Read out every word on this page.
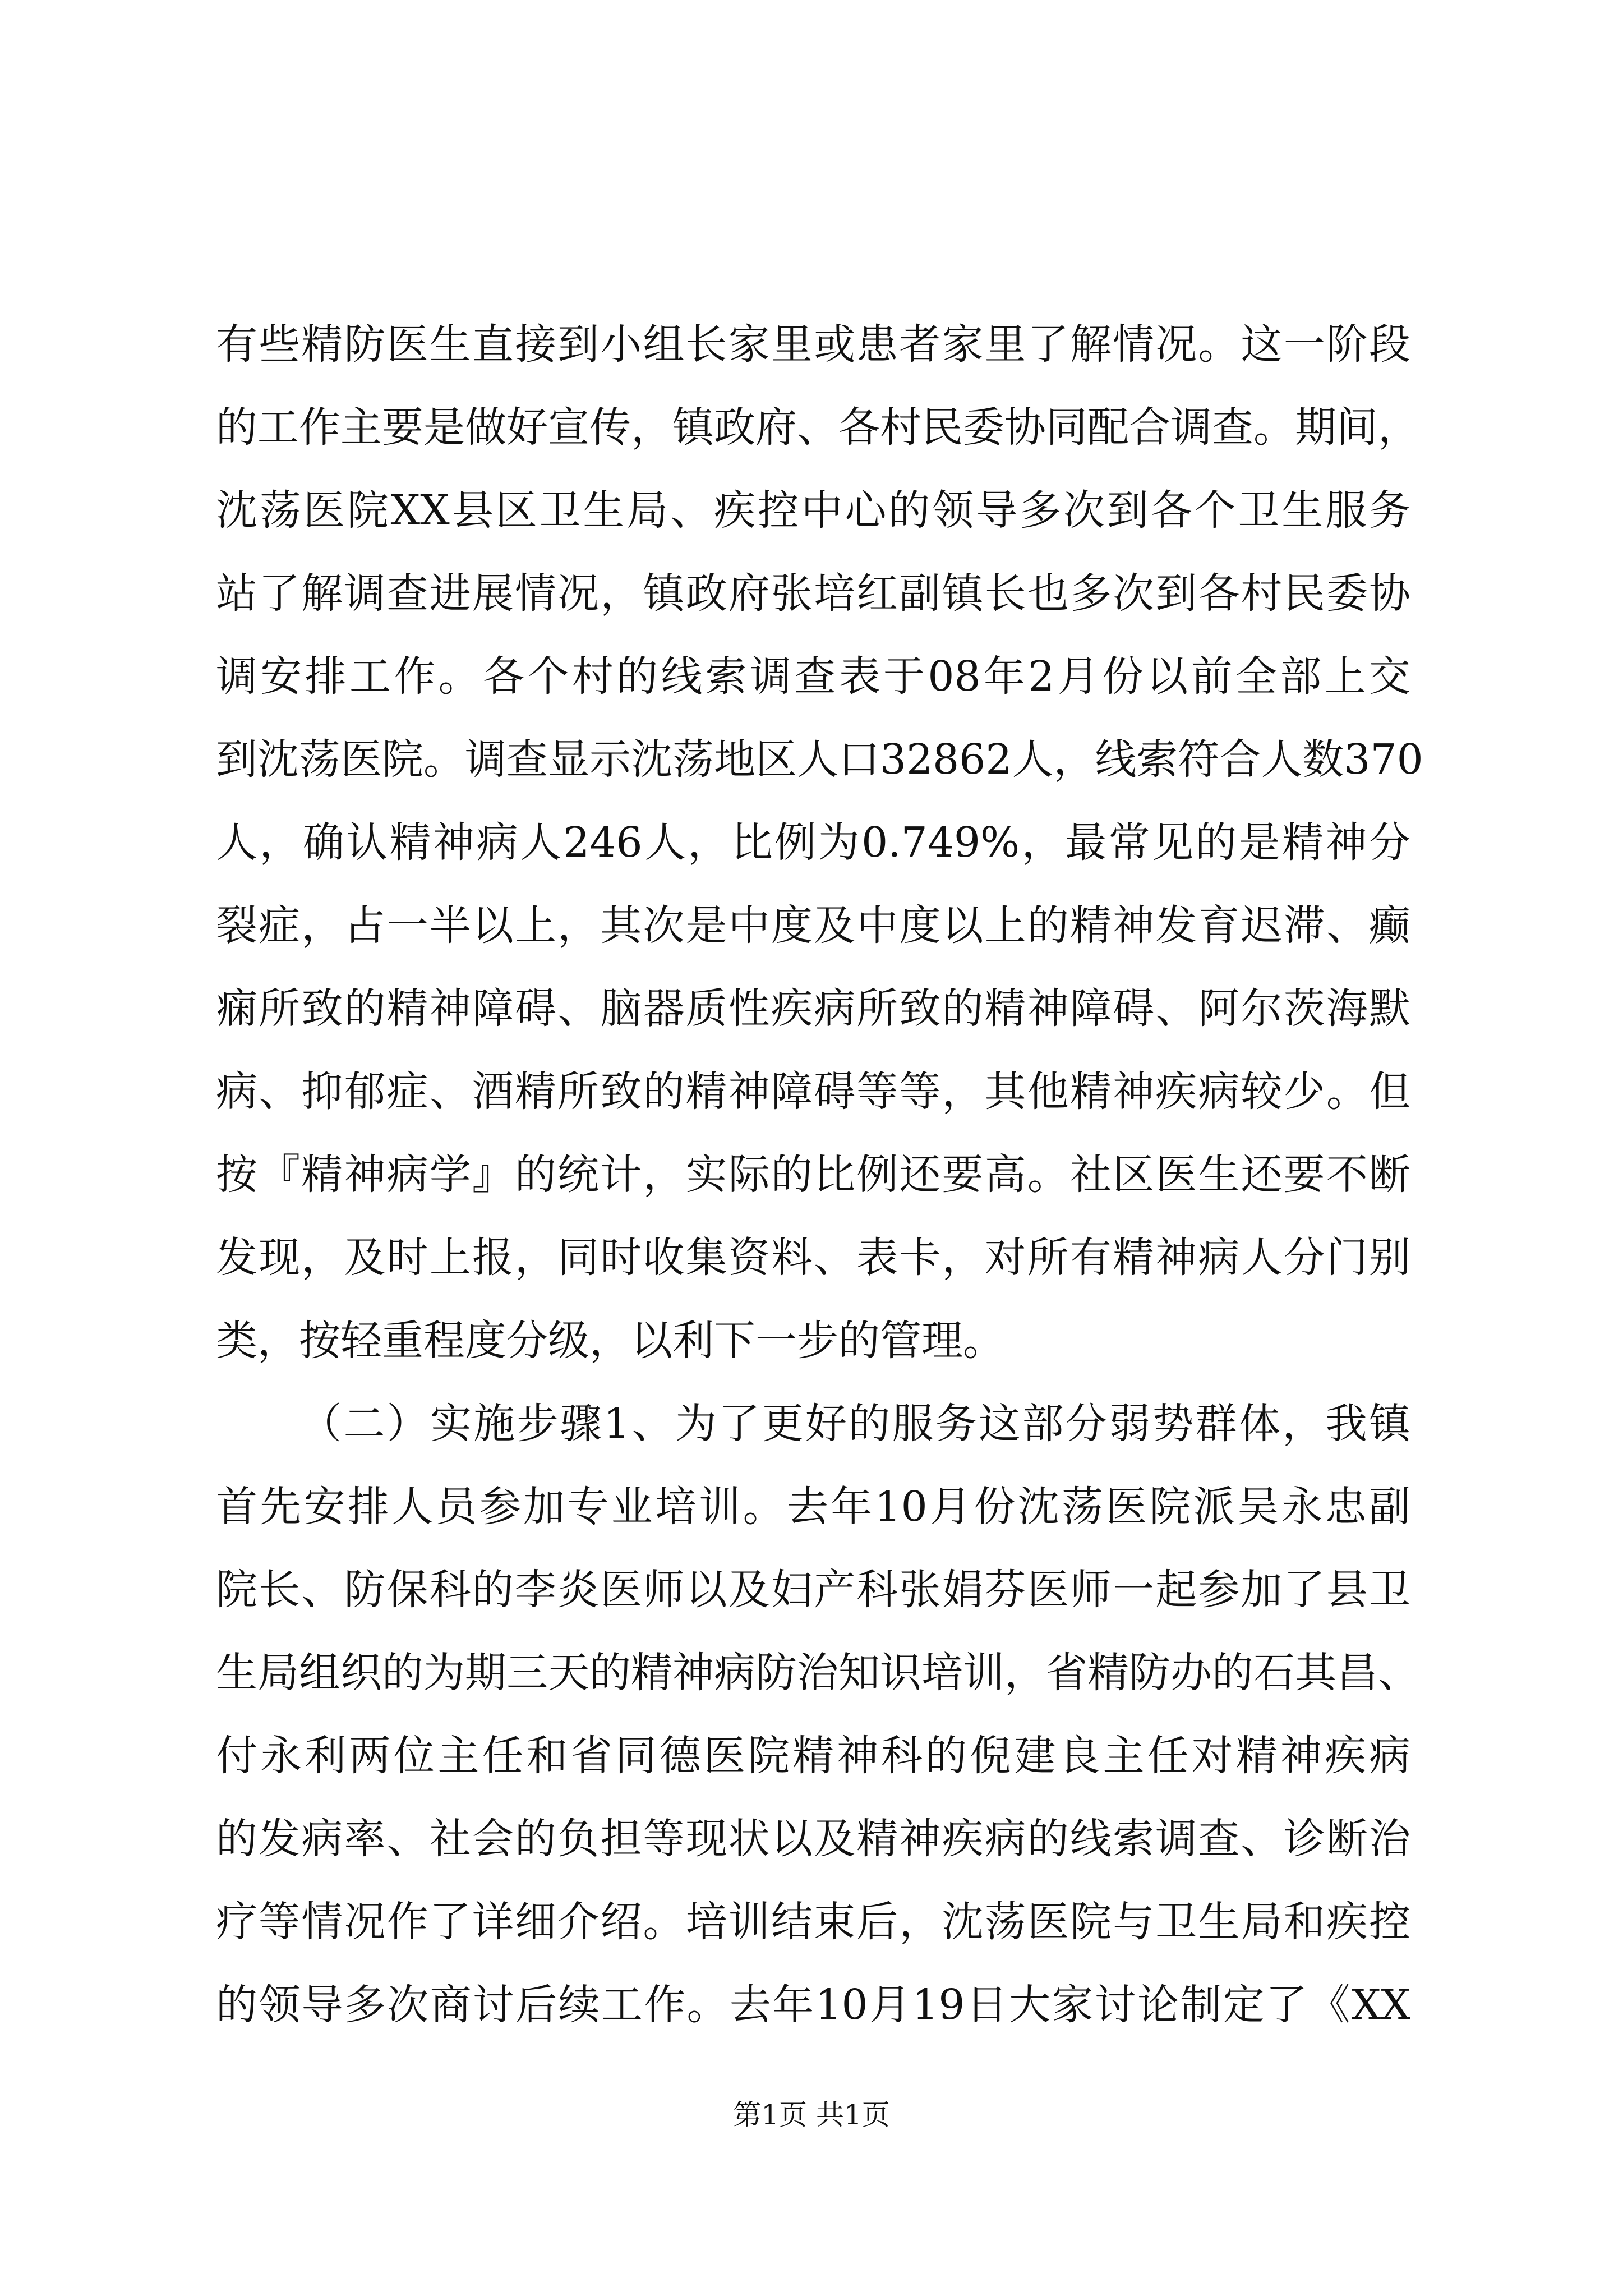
有些精防医生直接到小组长家里或患者家里了解情况。这一阶段
的工作主要是做好宣传，镇政府、各村民委协同配合调查。期间，
沈荡医院XX县区卫生局、疾控中心的领导多次到各个卫生服务
站了解调查进展情况，镇政府张培红副镇长也多次到各村民委协
调安排工作。各个村的线索调查表于08年2月份以前全部上交
到沈荡医院。调查显示沈荡地区人口32862人，线索符合人数370
人，确认精神病人246人，比例为0.749%，最常见的是精神分
裂症，占一半以上，其次是中度及中度以上的精神发育迟滞、癫
痫所致的精神障碍、脑器质性疾病所致的精神障碍、阿尔茨海默
病、抑郁症、酒精所致的精神障碍等等，其他精神疾病较少。但
按『精神病学』的统计，实际的比例还要高。社区医生还要不断
发现，及时上报，同时收集资料、表卡，对所有精神病人分门别
类，按轻重程度分级，以利下一步的管理。
（二）实施步骤1、为了更好的服务这部分弱势群体，我镇
首先安排人员参加专业培训。去年10月份沈荡医院派吴永忠副
院长、防保科的李炎医师以及妇产科张娟芬医师一起参加了县卫
生局组织的为期三天的精神病防治知识培训，省精防办的石其昌、
付永利两位主任和省同德医院精神科的倪建良主任对精神疾病
的发病率、社会的负担等现状以及精神疾病的线索调查、诊断治
疗等情况作了详细介绍。培训结束后，沈荡医院与卫生局和疾控
的领导多次商讨后续工作。去年10月19日大家讨论制定了《XX
第1页 共1页
